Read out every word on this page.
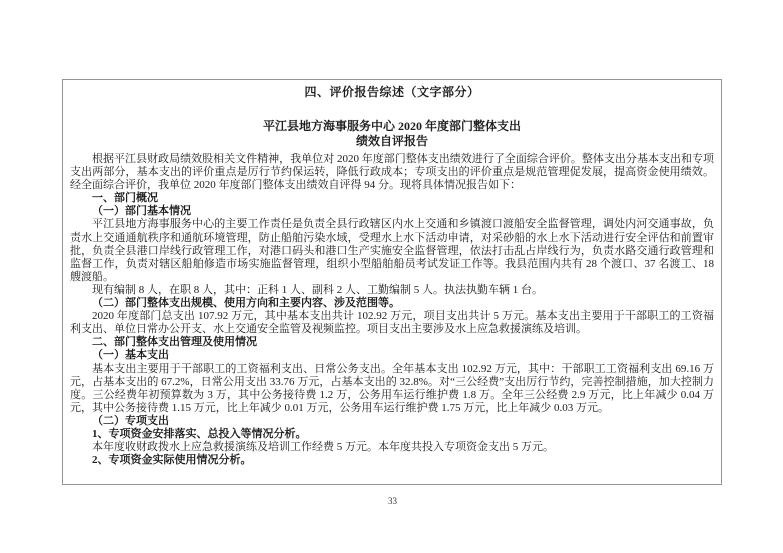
四、评价报告综述（文字部分）
平江县地方海事服务中心 2020 年度部门整体支出
绩效自评报告

根据平江县财政局绩效股相关文件精神，我单位对 2020 年度部门整体支出绩效进行了全面综合评价。整体支出分基本支出和专项支出两部分，基本支出的评价重点是厉行节约保运转，降低行政成本；专项支出的评价重点是规范管理促发展，提高资金使用绩效。经全面综合评价，我单位 2020 年度部门整体支出绩效自评得 94 分。现将具体情况报告如下：

一、部门概况

（一）部门基本情况

平江县地方海事服务中心的主要工作责任是负责全县行政辖区内水上交通和乡镇渡口渡船安全监督管理，调处内河交通事故，负责水上交通通航秩序和通航环境管理，防止船舶污染水域，受理水上水下活动申请，对采砂船的水上水下活动进行安全评估和前置审批，负责全县港口岸线行政管理工作，对港口码头和港口生产实施安全监督管理，依法打击乱占岸线行为，负责水路交通行政管理和监督工作，负责对辖区船舶修造市场实施监督管理，组织小型船舶船员考试发证工作等。我县范围内共有 28 个渡口、37 名渡工、18 艘渡船。

现有编制 8 人，在职 8 人，其中：正科 1 人、副科 2 人、工勤编制 5 人。执法执勤车辆 1 台。

（二）部门整体支出规模、使用方向和主要内容、涉及范围等。

2020 年度部门总支出 107.92 万元，其中基本支出共计 102.92 万元，项目支出共计 5 万元。基本支出主要用于干部职工的工资福利支出、单位日常办公开支、水上交通安全监管及视频监控。项目支出主要涉及水上应急救援演练及培训。

二、部门整体支出管理及使用情况

（一）基本支出

基本支出主要用于干部职工的工资福利支出、日常公务支出。全年基本支出 102.92 万元，其中：干部职工工资福利支出 69.16 万元，占基本支出的 67.2%，日常公用支出 33.76 万元，占基本支出的 32.8%。对“三公经费”支出厉行节约，完善控制措施，加大控制力度。三公经费年初预算数为 3 万，其中公务接待费 1.2 万，公务用车运行维护费 1.8 万。全年三公经费 2.9 万元，比上年减少 0.04 万元，其中公务接待费 1.15 万元，比上年减少 0.01 万元，公务用车运行维护费 1.75 万元，比上年减少 0.03 万元。

（二）专项支出

1、专项资金安排落实、总投入等情况分析。

本年度收财政拨水上应急救援演练及培训工作经费 5 万元。本年度共投入专项资金支出 5 万元。

2、专项资金实际使用情况分析。

33
